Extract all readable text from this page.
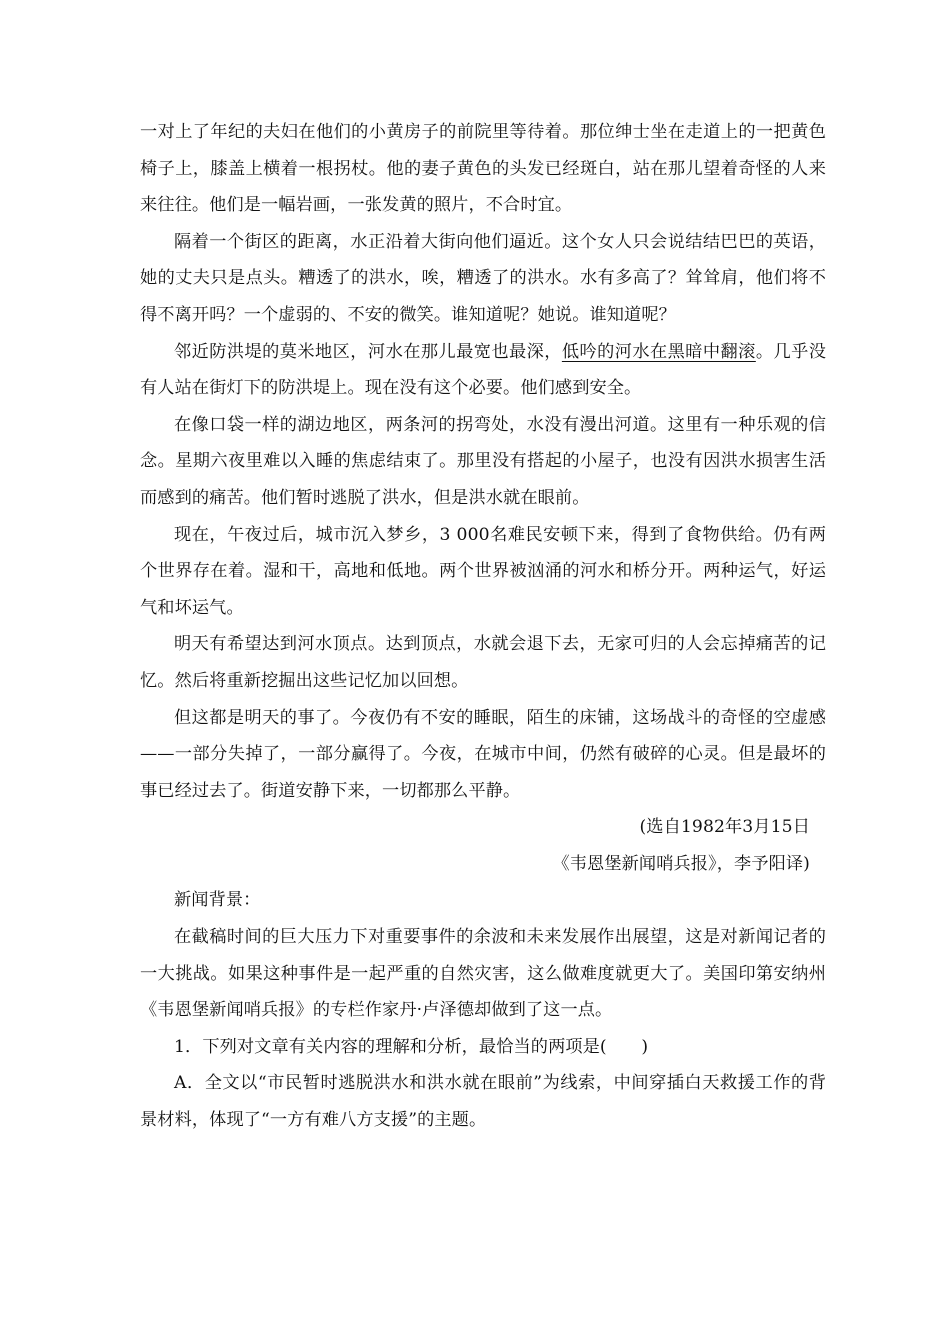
一对上了年纪的夫妇在他们的小黄房子的前院里等待着。那位绅士坐在走道上的一把黄色椅子上，膝盖上横着一根拐杖。他的妻子黄色的头发已经斑白，站在那儿望着奇怪的人来来往往。他们是一幅岩画，一张发黄的照片，不合时宜。

隔着一个街区的距离，水正沿着大街向他们逼近。这个女人只会说结结巴巴的英语，她的丈夫只是点头。糟透了的洪水，唉，糟透了的洪水。水有多高了？耸耸肩，他们将不得不离开吗？一个虚弱的、不安的微笑。谁知道呢？她说。谁知道呢？

邻近防洪堤的莫米地区，河水在那儿最宽也最深，低吟的河水在黑暗中翻滚。几乎没有人站在街灯下的防洪堤上。现在没有这个必要。他们感到安全。

在像口袋一样的湖边地区，两条河的拐弯处，水没有漫出河道。这里有一种乐观的信念。星期六夜里难以入睡的焦虑结束了。那里没有搭起的小屋子，也没有因洪水损害生活而感到的痛苦。他们暂时逃脱了洪水，但是洪水就在眼前。

现在，午夜过后，城市沉入梦乡，3 000名难民安顿下来，得到了食物供给。仍有两个世界存在着。湿和干，高地和低地。两个世界被汹涌的河水和桥分开。两种运气，好运气和坏运气。

明天有希望达到河水顶点。达到顶点，水就会退下去，无家可归的人会忘掉痛苦的记忆。然后将重新挖掘出这些记忆加以回想。

但这都是明天的事了。今夜仍有不安的睡眠，陌生的床铺，这场战斗的奇怪的空虚感——一部分失掉了，一部分赢得了。今夜，在城市中间，仍然有破碎的心灵。但是最坏的事已经过去了。街道安静下来，一切都那么平静。

(选自1982年3月15日

《韦恩堡新闻哨兵报》，李予阳译)

新闻背景：

在截稿时间的巨大压力下对重要事件的余波和未来发展作出展望，这是对新闻记者的一大挑战。如果这种事件是一起严重的自然灾害，这么做难度就更大了。美国印第安纳州《韦恩堡新闻哨兵报》的专栏作家丹·卢泽德却做到了这一点。

1．下列对文章有关内容的理解和分析，最恰当的两项是(　　)

A．全文以“市民暂时逃脱洪水和洪水就在眼前”为线索，中间穿插白天救援工作的背景材料，体现了“一方有难八方支援”的主题。
